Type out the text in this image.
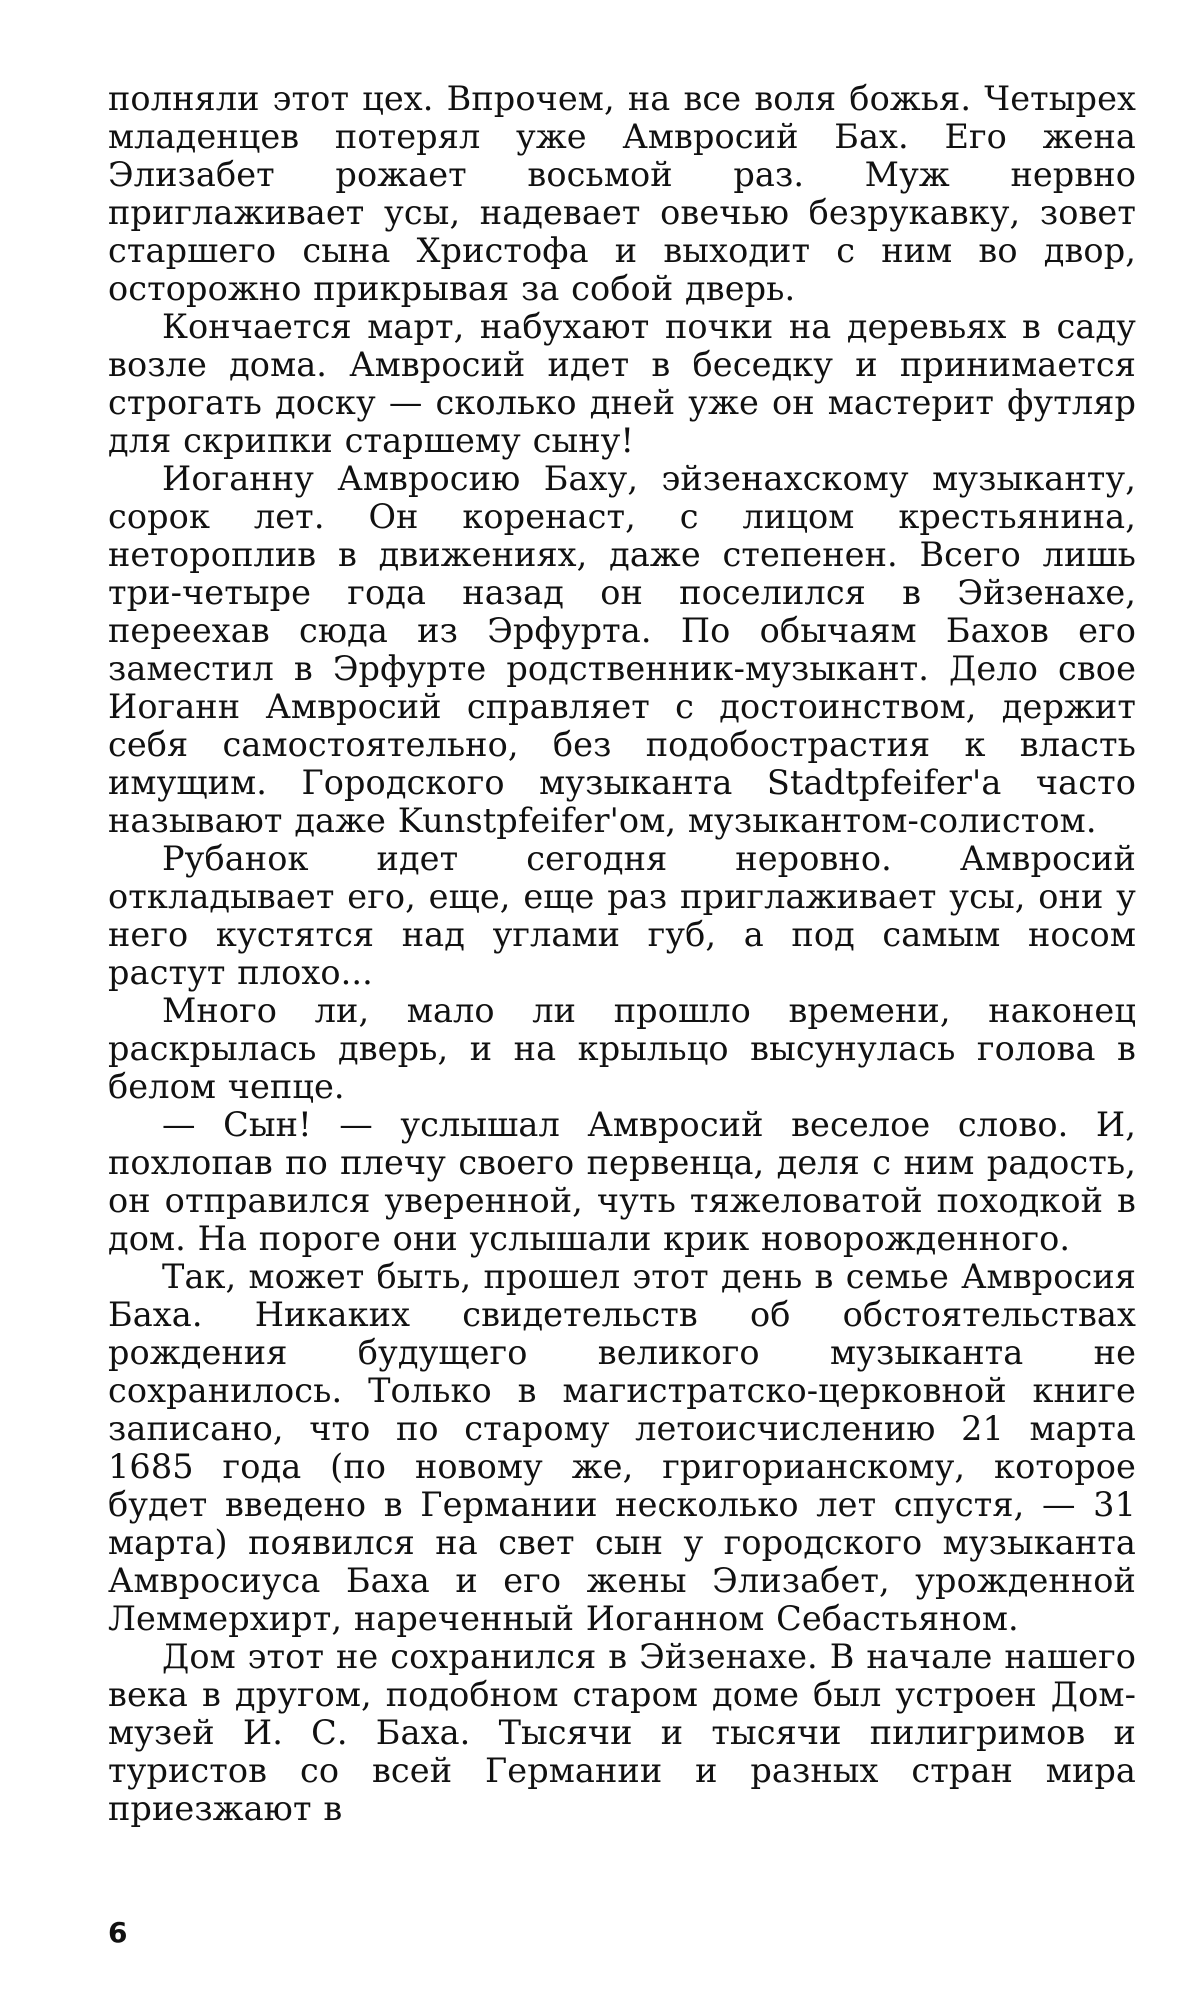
полняли этот цех. Впрочем, на все воля божья. Четырех младенцев потерял уже Амвросий Бах. Его жена Элизабет рожает восьмой раз. Муж нервно приглаживает усы, надевает овечью безрукавку, зовет старшего сына Христофа и выходит с ним во двор, осторожно прикрывая за собой дверь.

Кончается март, набухают почки на деревьях в саду возле дома. Амвросий идет в беседку и принимается строгать доску — сколько дней уже он мастерит футляр для скрипки старшему сыну!

Иоганну Амвросию Баху, эйзенахскому музыканту, сорок лет. Он коренаст, с лицом крестьянина, нетороплив в движениях, даже степенен. Всего лишь три-четыре года назад он поселился в Эйзенахе, переехав сюда из Эрфурта. По обычаям Бахов его заместил в Эрфурте родственник-музыкант. Дело свое Иоганн Амвросий справляет с достоинством, держит себя самостоятельно, без подобострастия к власть имущим. Городского музыканта Stadtpfeifer'а часто называют даже Kunstpfeifer'ом, музыкантом-солистом.

Рубанок идет сегодня неровно. Амвросий откладывает его, еще, еще раз приглаживает усы, они у него кустятся над углами губ, а под самым носом растут плохо...

Много ли, мало ли прошло времени, наконец раскрылась дверь, и на крыльцо высунулась голова в белом чепце.

— Сын! — услышал Амвросий веселое слово. И, похлопав по плечу своего первенца, деля с ним радость, он отправился уверенной, чуть тяжеловатой походкой в дом. На пороге они услышали крик новорожденного.

Так, может быть, прошел этот день в семье Амвросия Баха. Никаких свидетельств об обстоятельствах рождения будущего великого музыканта не сохранилось. Только в магистратско-церковной книге записано, что по старому летоисчислению 21 марта 1685 года (по новому же, григорианскому, которое будет введено в Германии несколько лет спустя, — 31 марта) появился на свет сын у городского музыканта Амвросиуса Баха и его жены Элизабет, урожденной Леммерхирт, нареченный Иоганном Себастьяном.

Дом этот не сохранился в Эйзенахе. В начале нашего века в другом, подобном старом доме был устроен Дом-музей И. С. Баха. Тысячи и тысячи пилигримов и туристов со всей Германии и разных стран мира приезжают в

6
